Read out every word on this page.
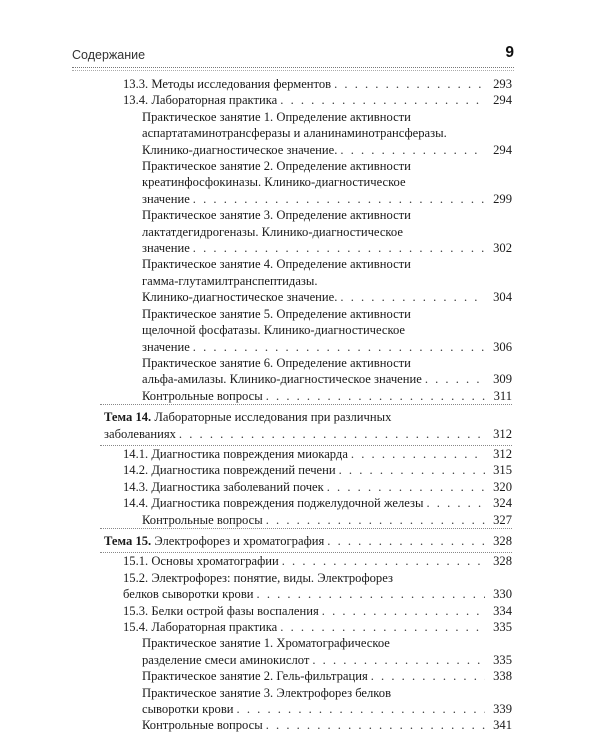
Содержание	9
13.3. Методы исследования ферментов . . .	293
13.4. Лабораторная практика . . .	294
Практическое занятие 1. Определение активности
аспартатаминотрансферазы и аланинаминотрансферазы.
Клинико-диагностическое значение. . . .	294
Практическое занятие 2. Определение активности
креатинфосфокиназы. Клинико-диагностическое
значение . . .	299
Практическое занятие 3. Определение активности
лактатдегидрогеназы. Клинико-диагностическое
значение . . .	302
Практическое занятие 4. Определение активности
гамма-глутамилтранспептидазы.
Клинико-диагностическое значение. . . .	304
Практическое занятие 5. Определение активности
щелочной фосфатазы. Клинико-диагностическое
значение . . .	306
Практическое занятие 6. Определение активности
альфа-амилазы. Клинико-диагностическое значение . . .	309
Контрольные вопросы . . .	311
Тема 14. Лабораторные исследования при различных
заболеваниях . . .	312
14.1. Диагностика повреждения миокарда . . .	312
14.2. Диагностика повреждений печени . . .	315
14.3. Диагностика заболеваний почек . . .	320
14.4. Диагностика повреждения поджелудочной железы . . .	324
Контрольные вопросы . . .	327
Тема 15. Электрофорез и хроматография . . .	328
15.1. Основы хроматографии . . .	328
15.2. Электрофорез: понятие, виды. Электрофорез
белков сыворотки крови . . .	330
15.3. Белки острой фазы воспаления . . .	334
15.4. Лабораторная практика . . .	335
Практическое занятие 1. Хроматографическое
разделение смеси аминокислот . . .	335
Практическое занятие 2. Гель-фильтрация . . .	338
Практическое занятие 3. Электрофорез белков
сыворотки крови . . .	339
Контрольные вопросы . . .	341
